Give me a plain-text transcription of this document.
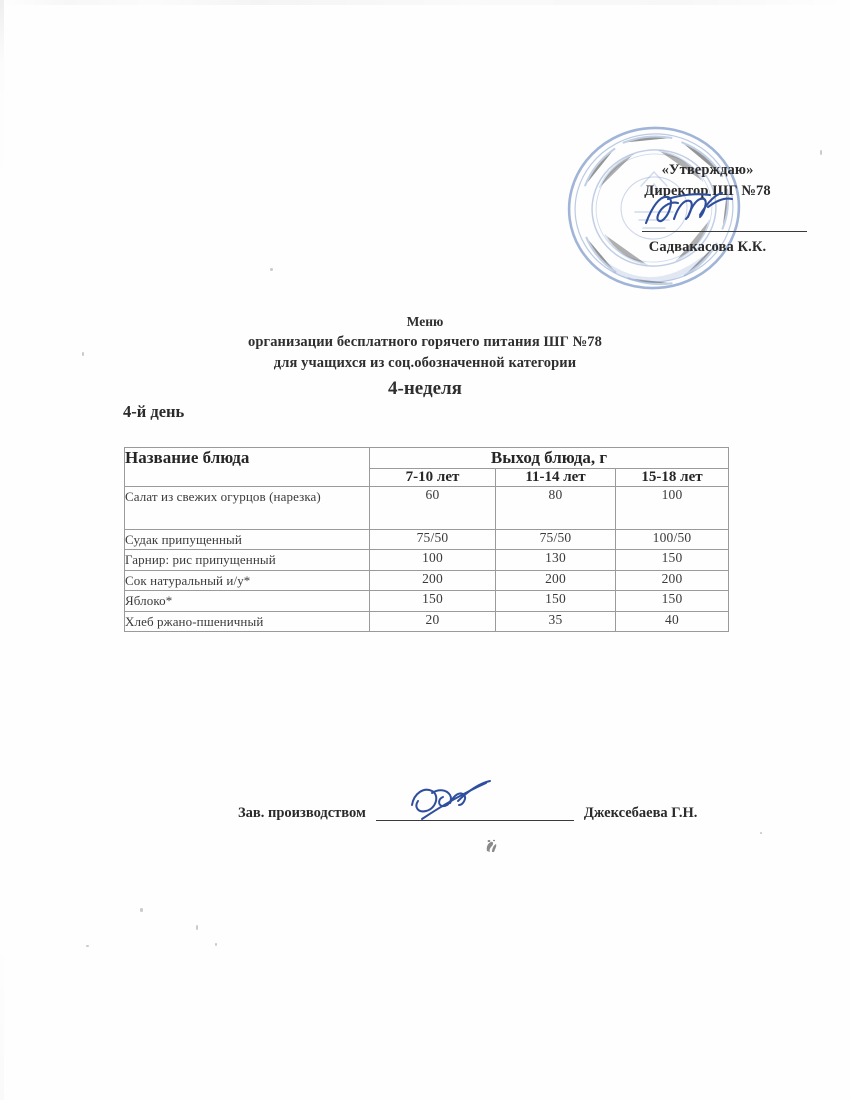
«Утверждаю»
Директор ШГ №78
Садвакасова К.К.
Меню
организации бесплатного горячего питания ШГ №78
для учащихся из соц.обозначенной категории
4-неделя
4-й день
Название блюда	Выход блюда, г		
	7-10 лет	11-14 лет	15-18 лет
Салат из свежих огурцов (нарезка)	60	80	100
Судак припущенный	75/50	75/50	100/50
Гарнир: рис припущенный	100	130	150
Сок натуральный и/у*	200	200	200
Яблоко*	150	150	150
Хлеб ржано-пшеничный	20	35	40
Зав. производством	Джексебаева Г.Н.
